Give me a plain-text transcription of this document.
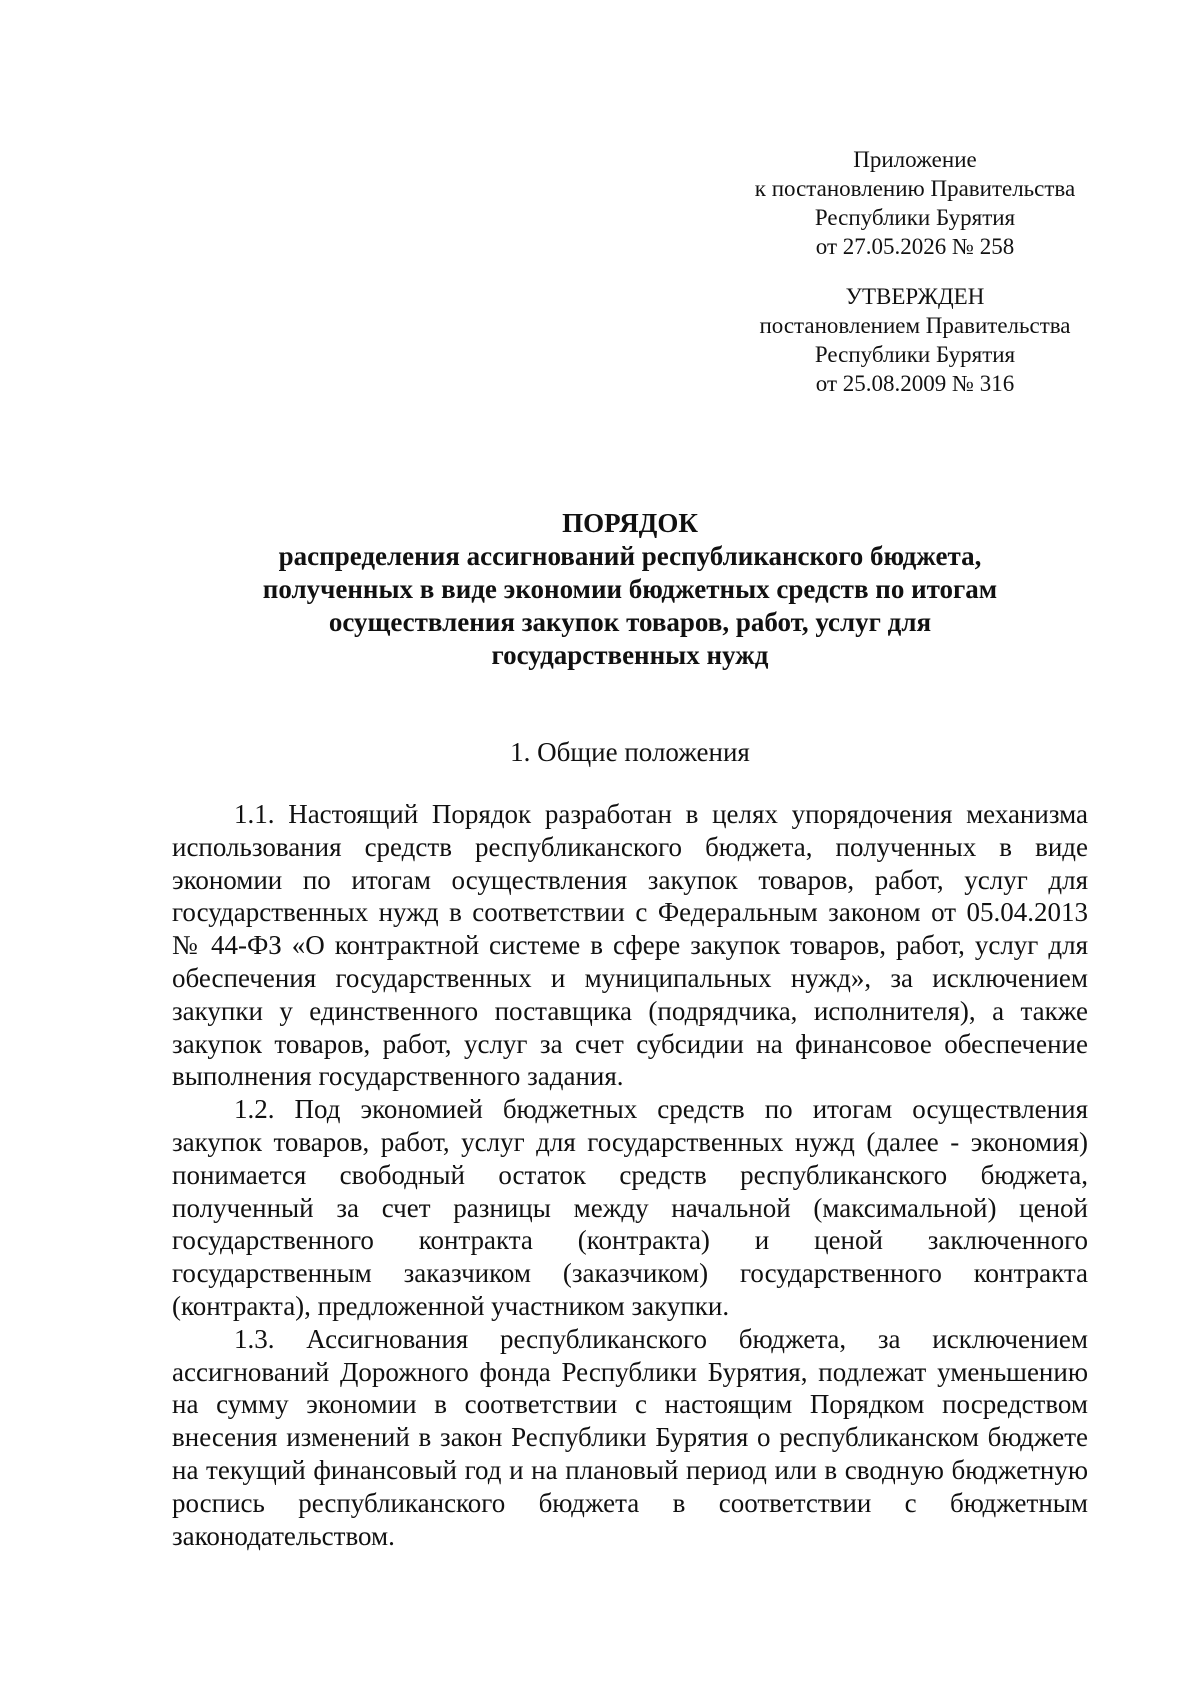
Приложение
к постановлению Правительства
Республики Бурятия
от 27.05.2026 № 258
УТВЕРЖДЕН
постановлением Правительства
Республики Бурятия
от 25.08.2009 № 316
ПОРЯДОК
распределения ассигнований республиканского бюджета,
полученных в виде экономии бюджетных средств по итогам
осуществления закупок товаров, работ, услуг для
государственных нужд
1. Общие положения

1.1. Настоящий Порядок разработан в целях упорядочения механизма использования средств республиканского бюджета, полученных в виде экономии по итогам осуществления закупок товаров, работ, услуг для государственных нужд в соответствии с Федеральным законом от 05.04.2013 № 44-ФЗ «О контрактной системе в сфере закупок товаров, работ, услуг для обеспечения государственных и муниципальных нужд», за исключением закупки у единственного поставщика (подрядчика, исполнителя), а также закупок товаров, работ, услуг за счет субсидии на финансовое обеспечение выполнения государственного задания.

1.2. Под экономией бюджетных средств по итогам осуществления закупок товаров, работ, услуг для государственных нужд (далее - экономия) понимается свободный остаток средств республиканского бюджета, полученный за счет разницы между начальной (максимальной) ценой государственного контракта (контракта) и ценой заключенного государственным заказчиком (заказчиком) государственного контракта (контракта), предложенной участником закупки.

1.3. Ассигнования республиканского бюджета, за исключением ассигнований Дорожного фонда Республики Бурятия, подлежат уменьшению на сумму экономии в соответствии с настоящим Порядком посредством внесения изменений в закон Республики Бурятия о республиканском бюджете на текущий финансовый год и на плановый период или в сводную бюджетную роспись республиканского бюджета в соответствии с бюджетным законодательством.
